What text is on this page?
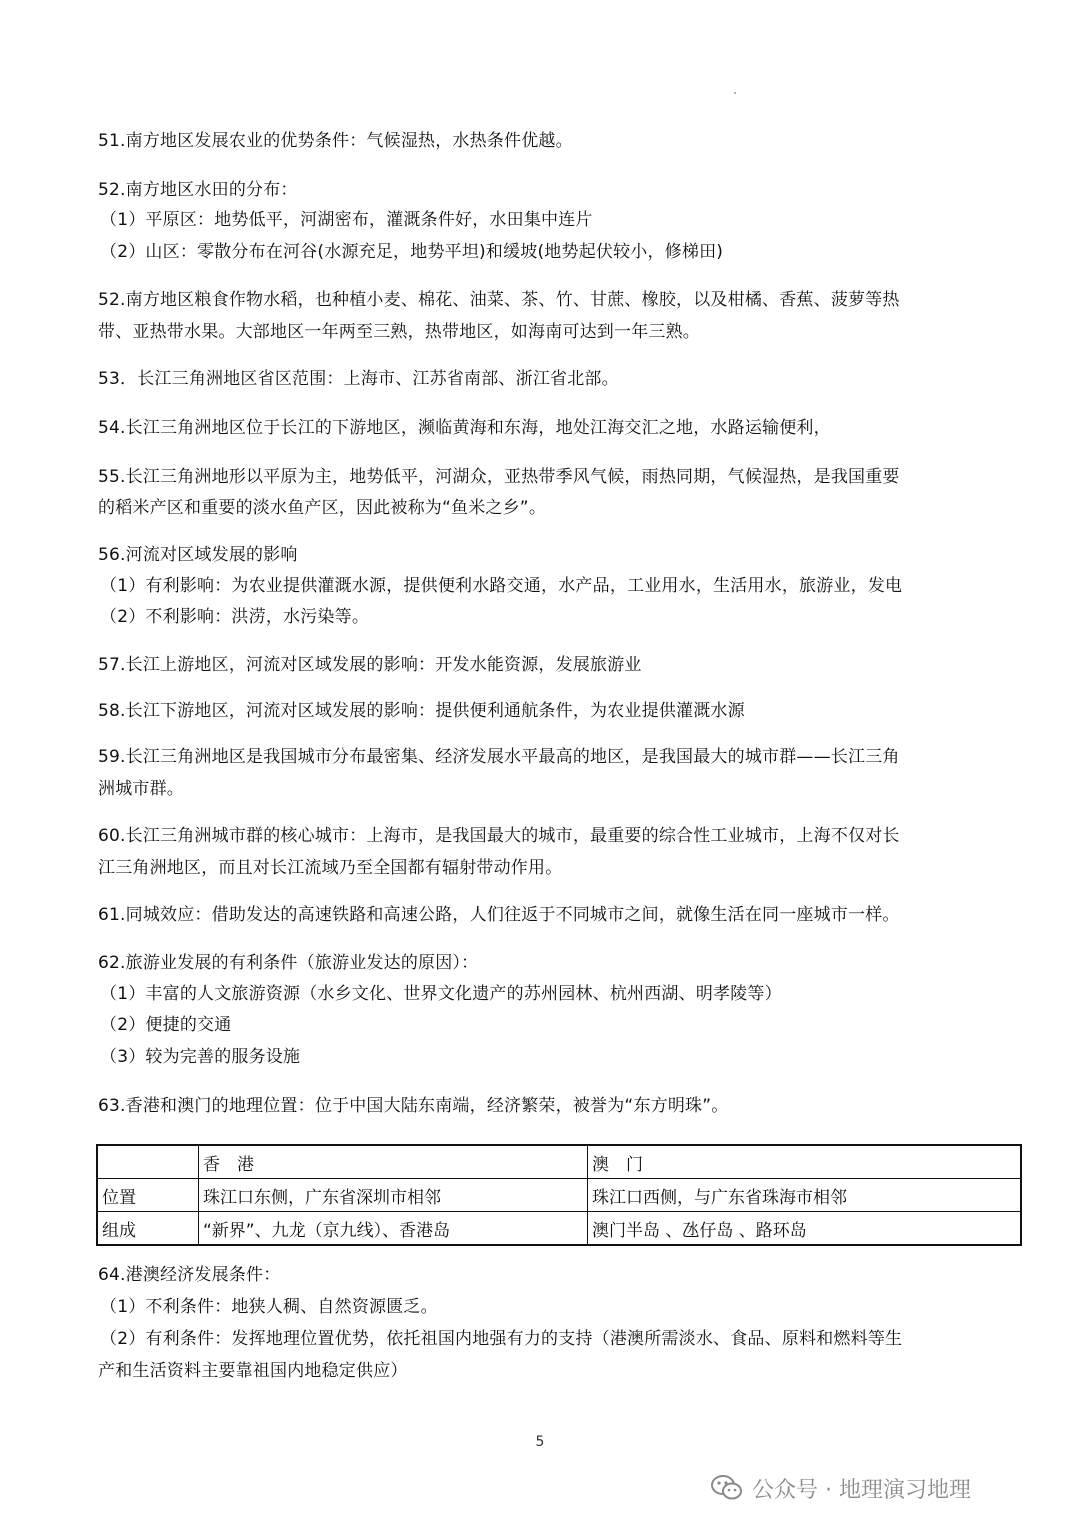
51.南方地区发展农业的优势条件：气候湿热，水热条件优越。
52.南方地区水田的分布：
（1）平原区：地势低平，河湖密布，灌溉条件好，水田集中连片
（2）山区：零散分布在河谷(水源充足，地势平坦)和缓坡(地势起伏较小，修梯田)
52.南方地区粮食作物水稻，也种植小麦、棉花、油菜、茶、竹、甘蔗、橡胶，以及柑橘、香蕉、菠萝等热
带、亚热带水果。大部地区一年两至三熟，热带地区，如海南可达到一年三熟。
53．长江三角洲地区省区范围：上海市、江苏省南部、浙江省北部。
54.长江三角洲地区位于长江的下游地区，濒临黄海和东海，地处江海交汇之地，水路运输便利，
55.长江三角洲地形以平原为主，地势低平，河湖众，亚热带季风气候，雨热同期，气候湿热，是我国重要
的稻米产区和重要的淡水鱼产区，因此被称为“鱼米之乡”。
56.河流对区域发展的影响
（1）有利影响：为农业提供灌溉水源，提供便利水路交通，水产品，工业用水，生活用水，旅游业，发电
（2）不利影响：洪涝，水污染等。
57.长江上游地区，河流对区域发展的影响：开发水能资源，发展旅游业
58.长江下游地区，河流对区域发展的影响：提供便利通航条件，为农业提供灌溉水源
59.长江三角洲地区是我国城市分布最密集、经济发展水平最高的地区，是我国最大的城市群——长江三角
洲城市群。
60.长江三角洲城市群的核心城市：上海市，是我国最大的城市，最重要的综合性工业城市，上海不仅对长
江三角洲地区，而且对长江流域乃至全国都有辐射带动作用。
61.同城效应：借助发达的高速铁路和高速公路，人们往返于不同城市之间，就像生活在同一座城市一样。
62.旅游业发展的有利条件（旅游业发达的原因）：
（1）丰富的人文旅游资源（水乡文化、世界文化遗产的苏州园林、杭州西湖、明孝陵等）
（2）便捷的交通
（3）较为完善的服务设施
63.香港和澳门的地理位置：位于中国大陆东南端，经济繁荣，被誉为“东方明珠”。
	香　港	澳　门
位置	珠江口东侧，广东省深圳市相邻	珠江口西侧，与广东省珠海市相邻
组成	“新界”、九龙（京九线）、香港岛	澳门半岛 、氹仔岛 、路环岛
64.港澳经济发展条件：
（1）不利条件：地狭人稠、自然资源匮乏。
（2）有利条件：发挥地理位置优势，依托祖国内地强有力的支持（港澳所需淡水、食品、原料和燃料等生
产和生活资料主要靠祖国内地稳定供应）
5
公众号 · 地理演习地理
